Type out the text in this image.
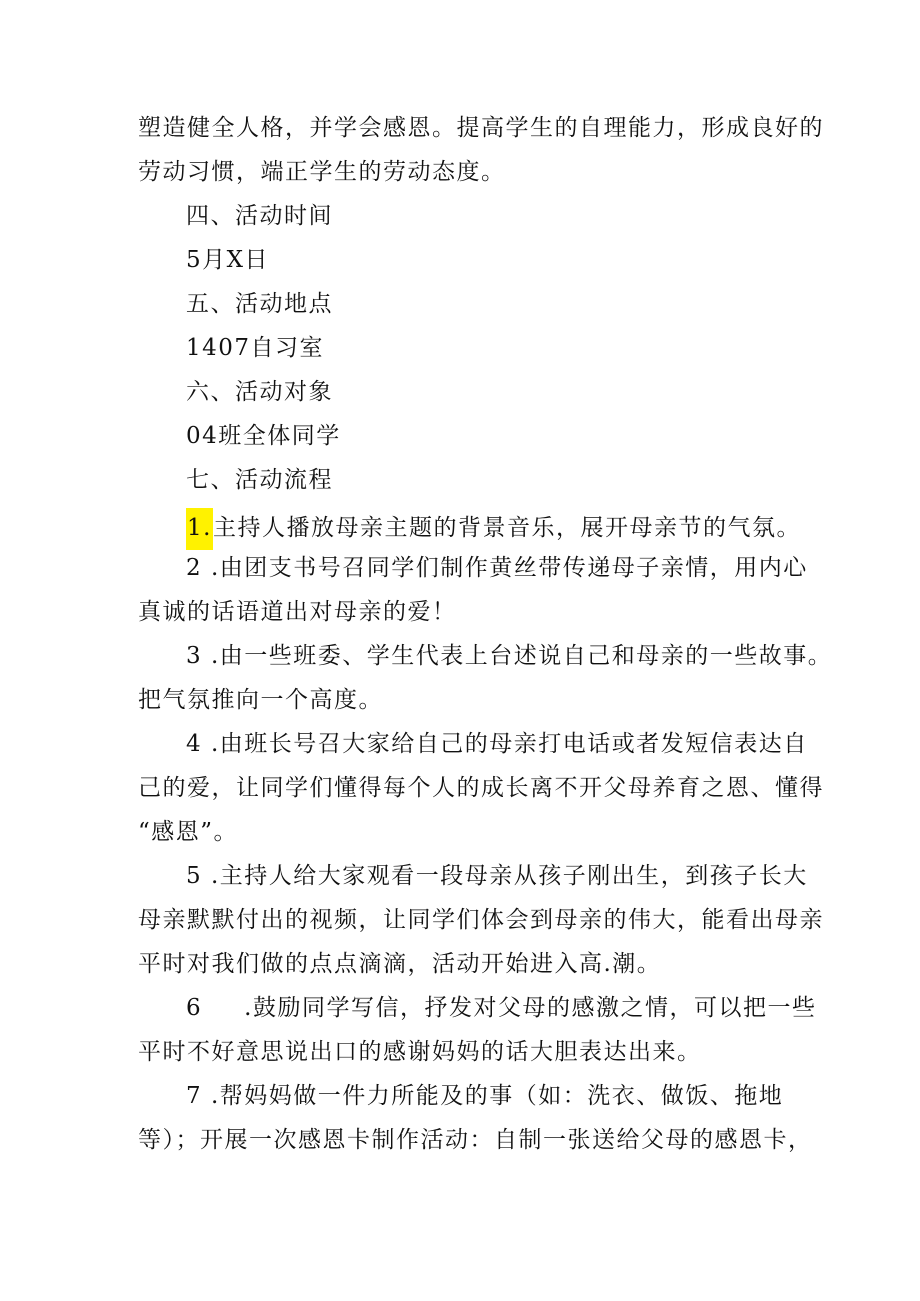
塑造健全人格，并学会感恩。提高学生的自理能力，形成良好的
劳动习惯，端正学生的劳动态度。
四、活动时间
5月X日
五、活动地点
1407自习室
六、活动对象
04班全体同学
七、活动流程
1.主持人播放母亲主题的背景音乐，展开母亲节的气氛。
2 .由团支书号召同学们制作黄丝带传递母子亲情，用内心
真诚的话语道出对母亲的爱！
3 .由一些班委、学生代表上台述说自己和母亲的一些故事。
把气氛推向一个高度。
4 .由班长号召大家给自己的母亲打电话或者发短信表达自
己的爱，让同学们懂得每个人的成长离不开父母养育之恩、懂得
“感恩”。
5 .主持人给大家观看一段母亲从孩子刚出生，到孩子长大
母亲默默付出的视频，让同学们体会到母亲的伟大，能看出母亲
平时对我们做的点点滴滴，活动开始进入高.潮。
6 .鼓励同学写信，抒发对父母的感激之情，可以把一些
平时不好意思说出口的感谢妈妈的话大胆表达出来。
7 .帮妈妈做一件力所能及的事（如：洗衣、做饭、拖地
等）；开展一次感恩卡制作活动：自制一张送给父母的感恩卡，
